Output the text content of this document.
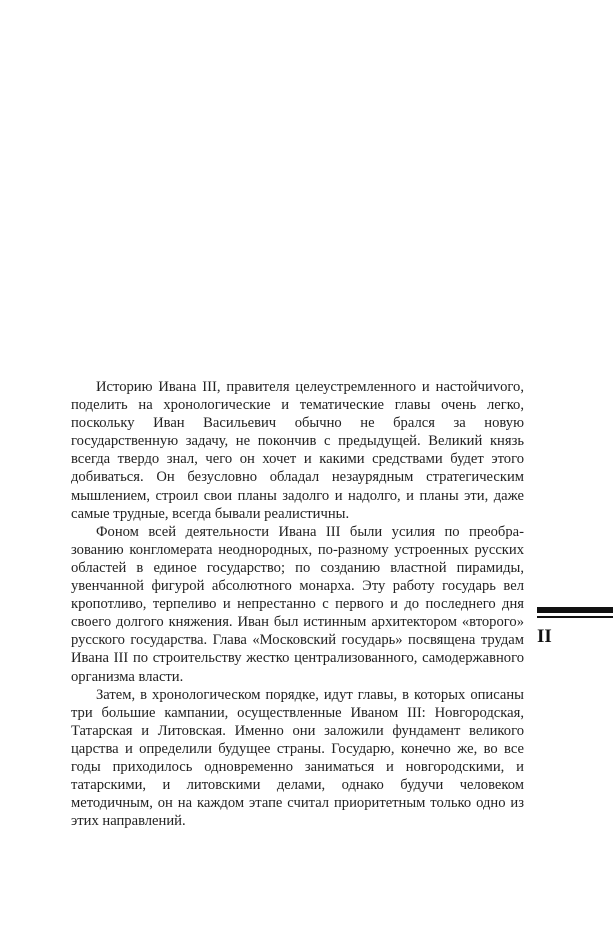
Историю Ивана III, правителя целеустремленного и настойчиvого, поделить на хронологические и тематические главы очень легко, поскольку Иван Васильевич обычно не брался за новую государственную задачу, не покончив с предыдущей. Великий князь всегда твердо знал, чего он хочет и какими средствами будет этого добиваться. Он безусловно обладал незаурядным стратегическим мышлением, строил свои планы задолго и надолго, и планы эти, даже самые трудные, всегда бывали реалистичны.

Фоном всей деятельности Ивана III были усилия по преобразованию конгломерата неоднородных, по-разному устроенных русских областей в единое государство; по созданию властной пирамиды, увенчанной фигурой абсолютного монарха. Эту работу государь вел кропотливо, терпеливо и непрестанно с первого и до последнего дня своего долгого княжения. Иван был истинным архитектором «второго» русского государства. Глава «Московский государь» посвящена трудам Ивана III по строительству жестко централизованного, самодержавного организма власти.

Затем, в хронологическом порядке, идут главы, в которых описаны три большие кампании, осуществленные Иваном III: Новгородская, Татарская и Литовская. Именно они заложили фундамент великого царства и определили будущее страны. Государю, конечно же, во все годы приходилось одновременно заниматься и новгородскими, и татарскими, и литовскими делами, однако будучи человеком методичным, он на каждом этапе считал приоритетным только одно из этих направлений.

II
